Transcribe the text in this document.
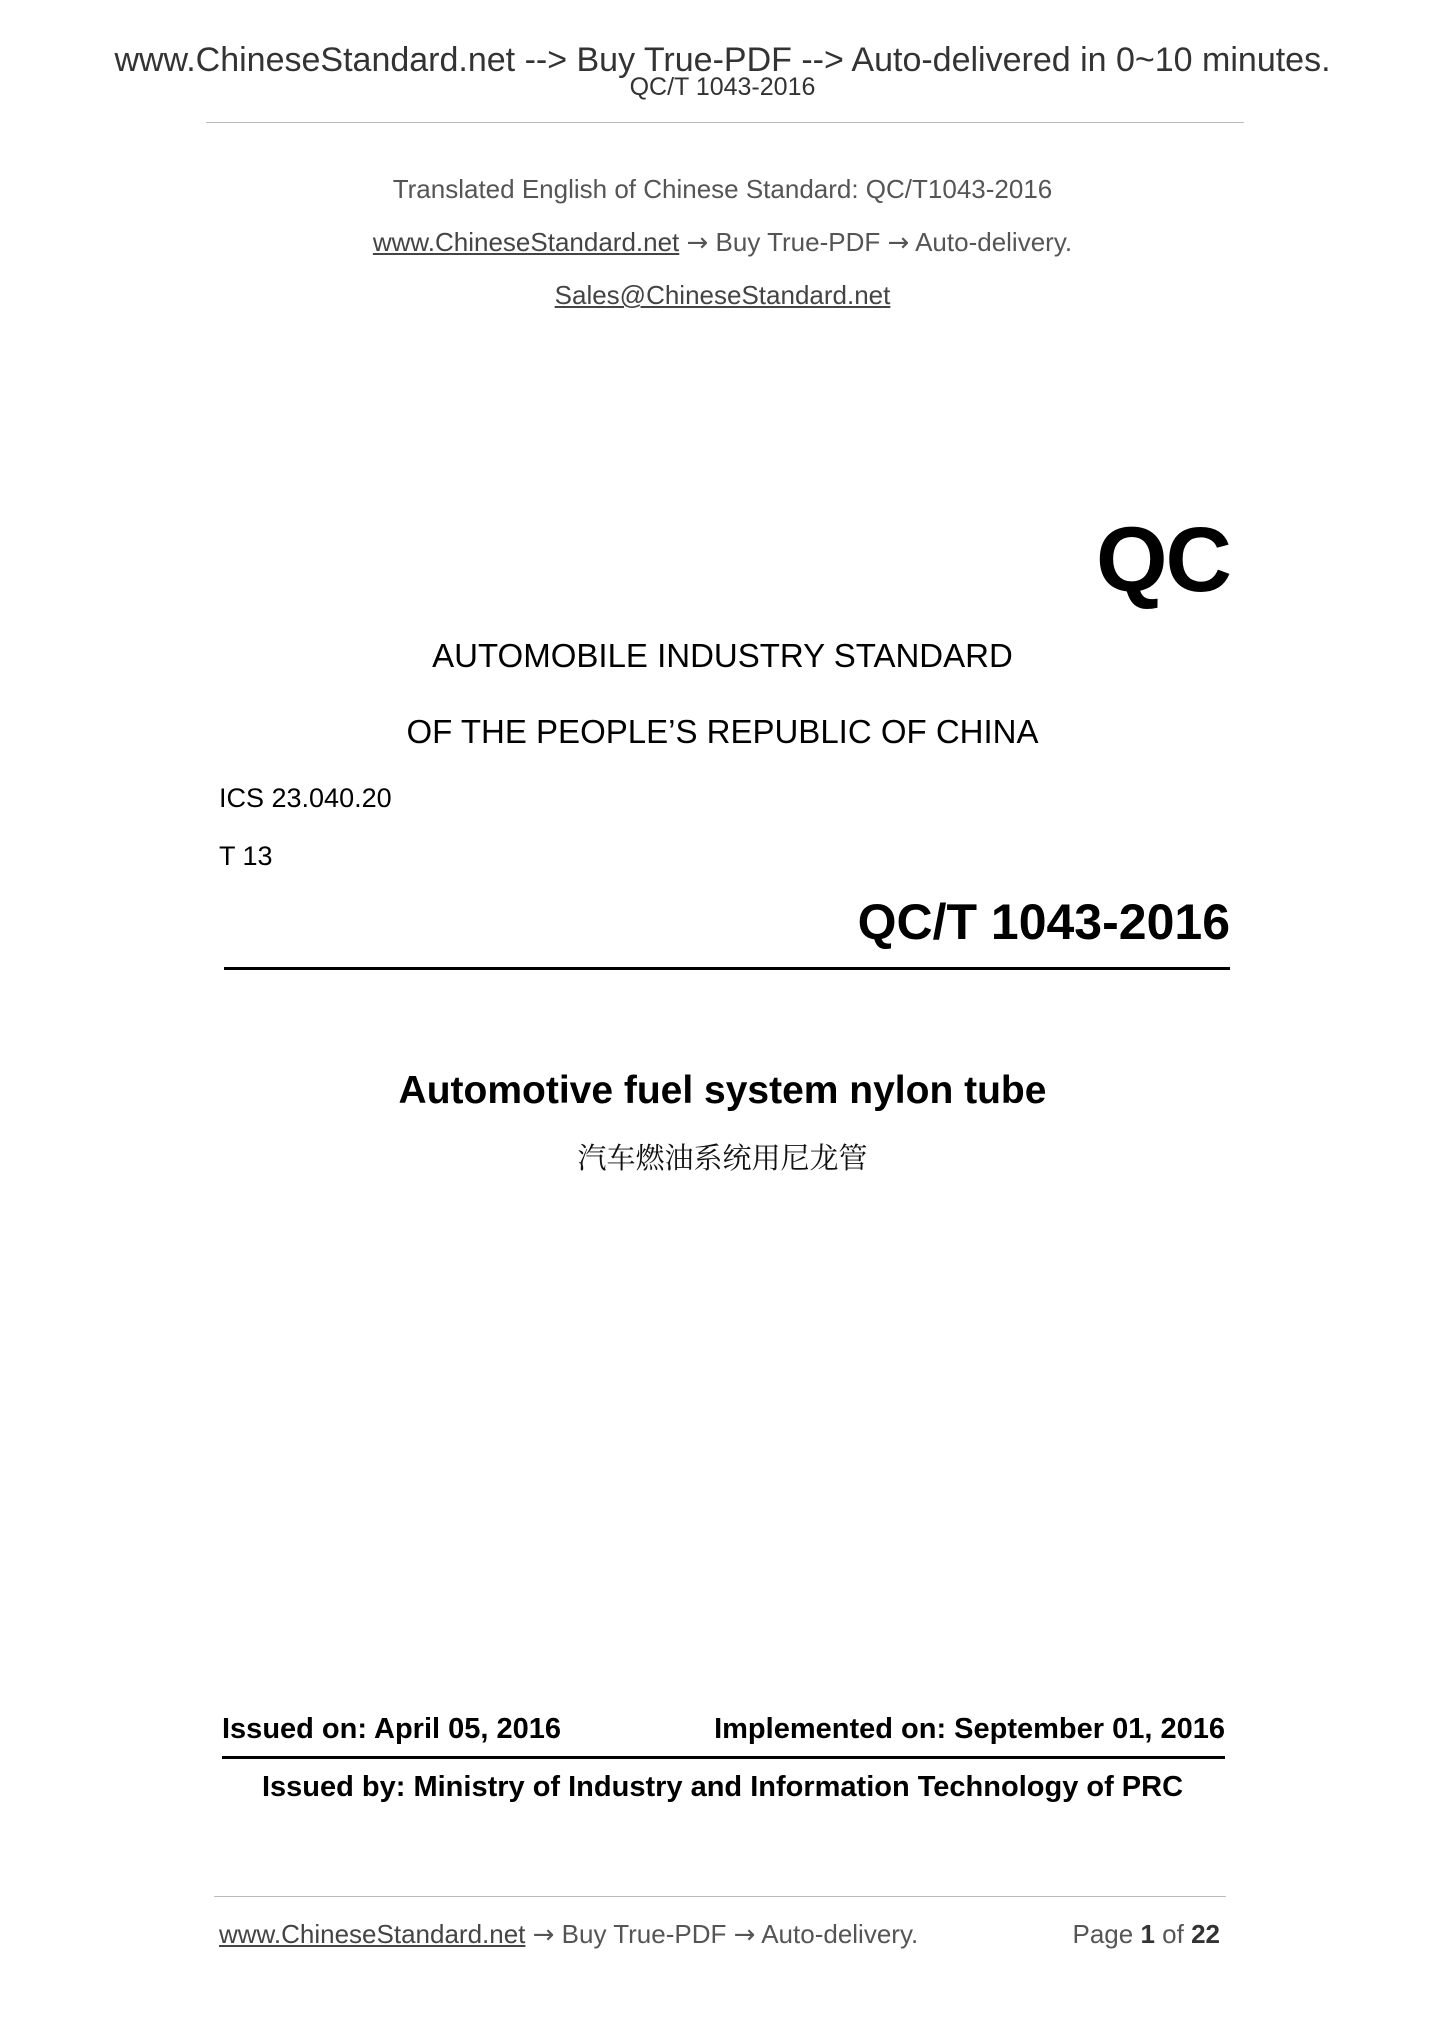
www.ChineseStandard.net --> Buy True-PDF --> Auto-delivered in 0~10 minutes.
QC/T 1043-2016
Translated English of Chinese Standard: QC/T1043-2016
www.ChineseStandard.net → Buy True-PDF → Auto-delivery.
Sales@ChineseStandard.net
QC
AUTOMOBILE INDUSTRY STANDARD
OF THE PEOPLE’S REPUBLIC OF CHINA
ICS 23.040.20
T 13
QC/T 1043-2016
Automotive fuel system nylon tube
汽车燃油系统用尼龙管
Issued on: April 05, 2016	Implemented on: September 01, 2016
Issued by: Ministry of Industry and Information Technology of PRC
www.ChineseStandard.net → Buy True-PDF → Auto-delivery.	Page 1 of 22
